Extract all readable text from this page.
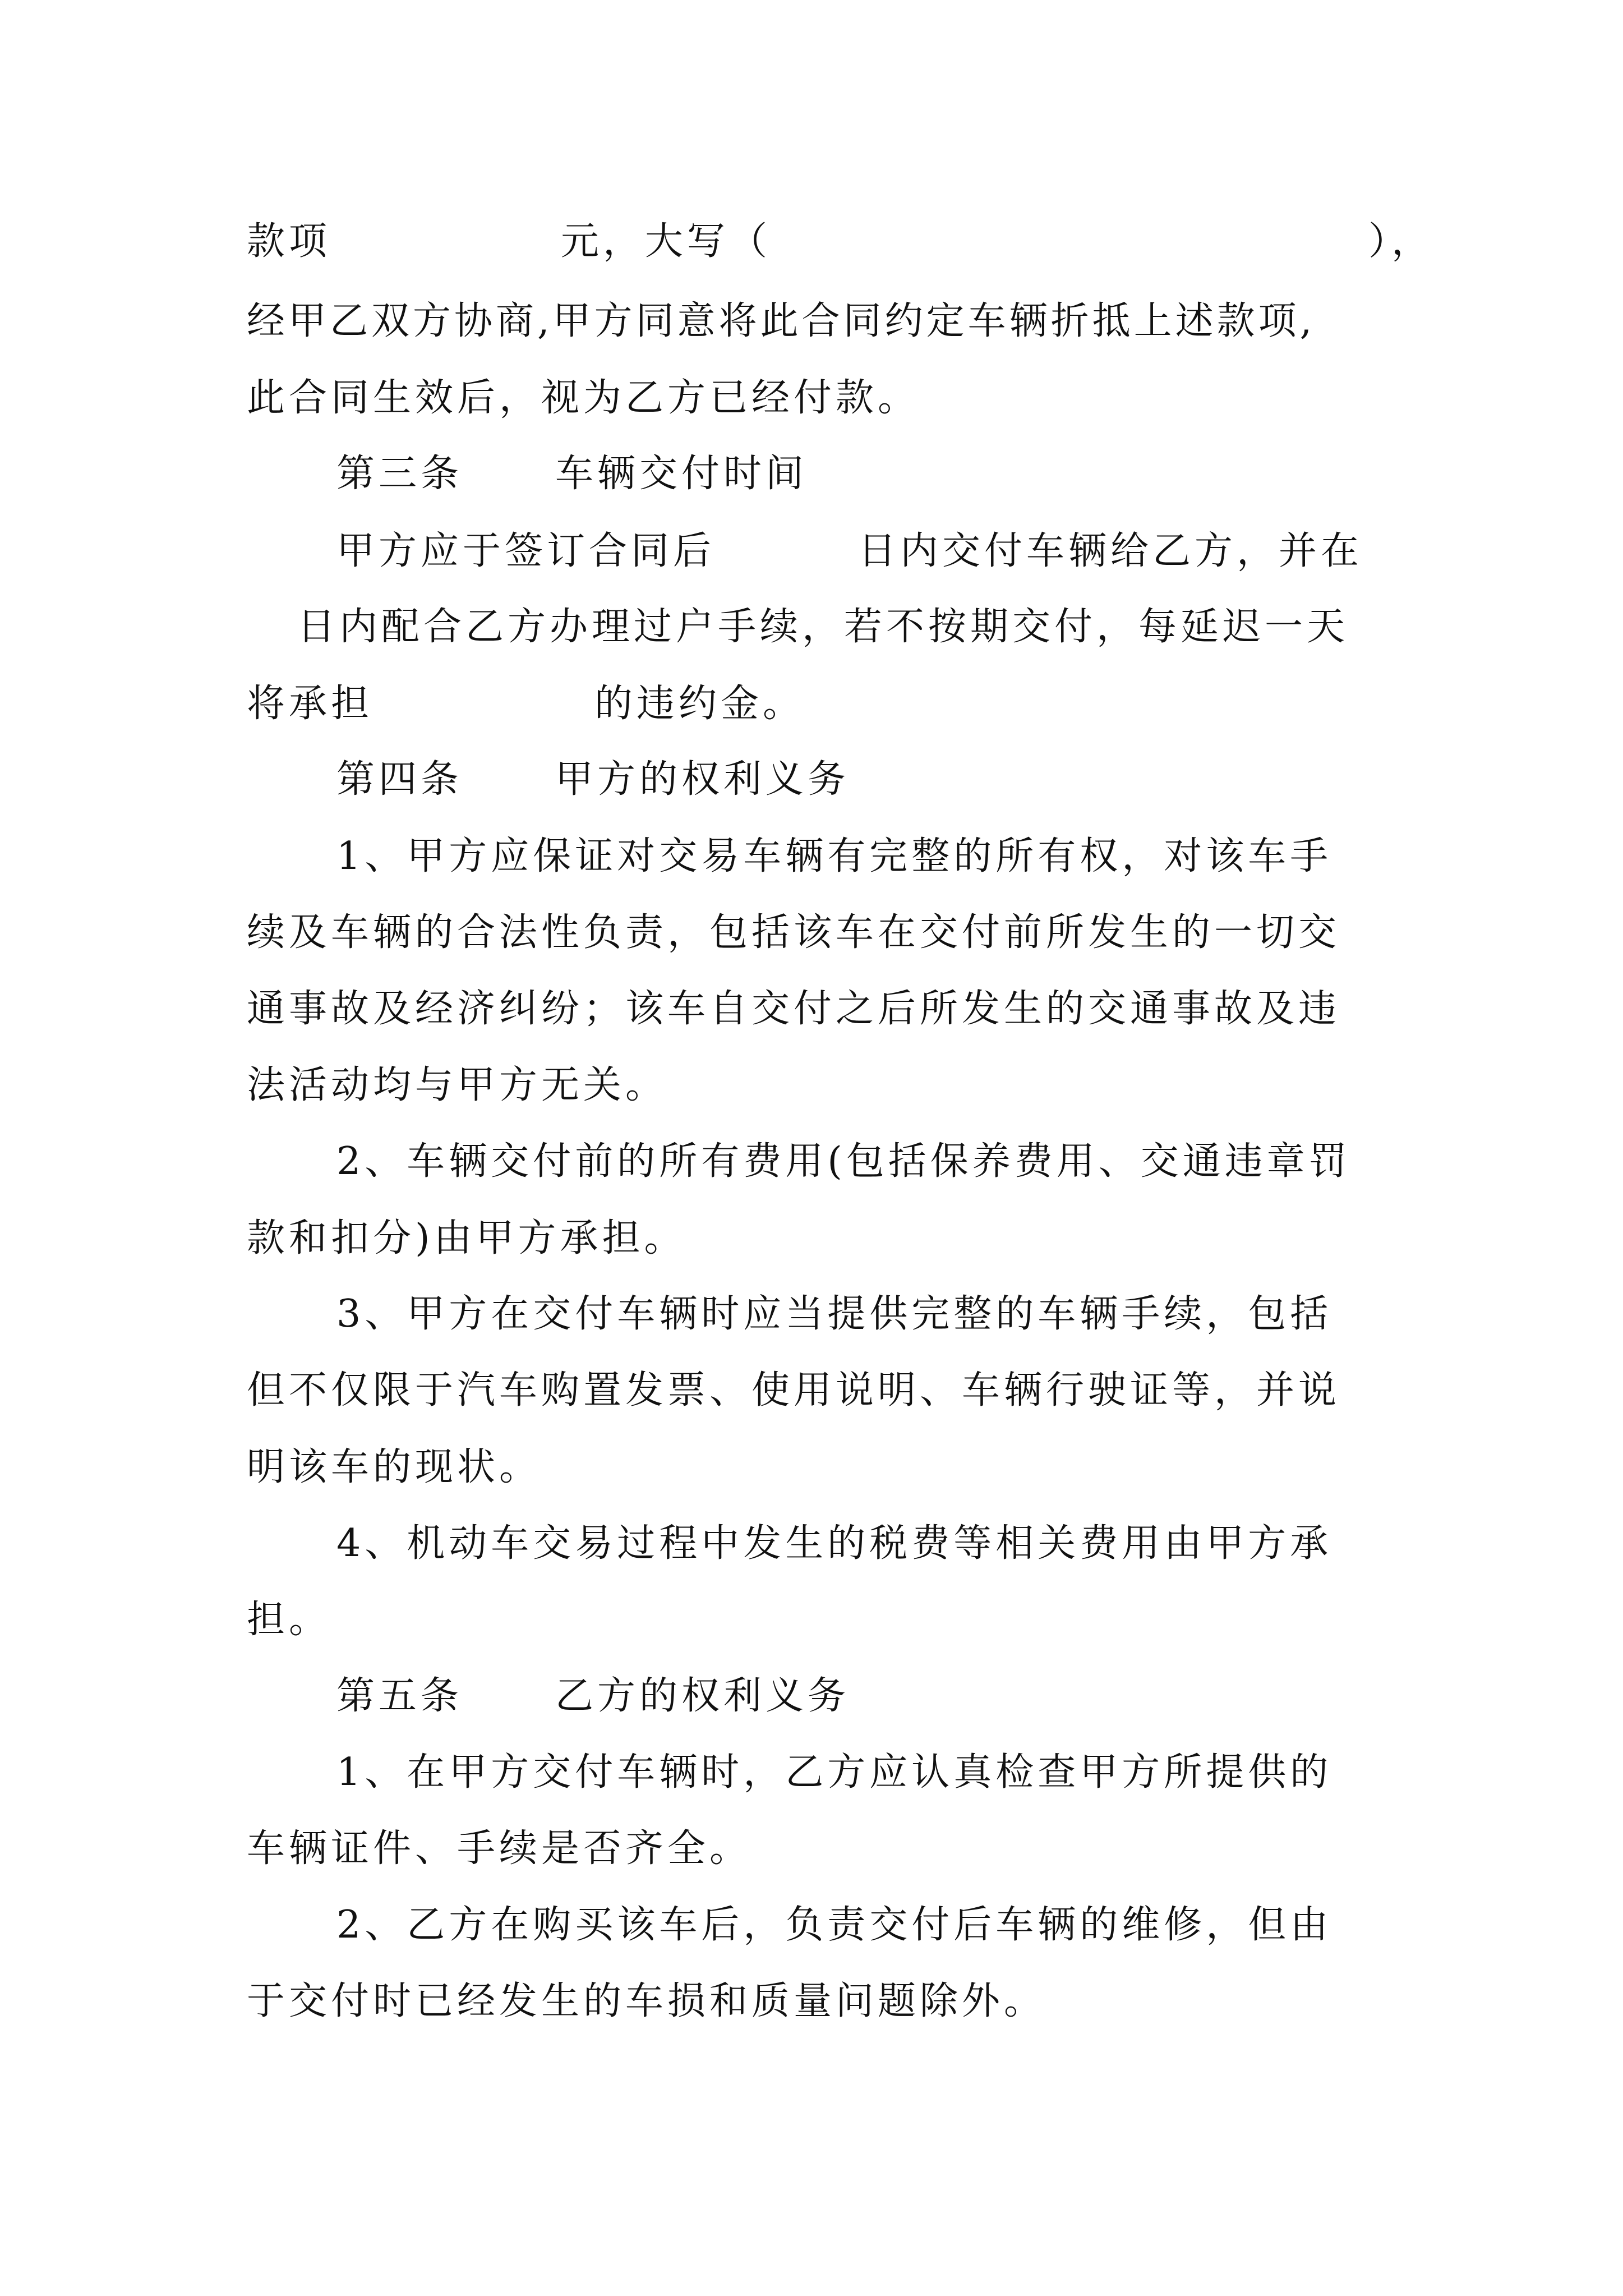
款项	元，大写（	），
经甲乙双方协商,甲方同意将此合同约定车辆折抵上述款项,
此合同生效后，视为乙方已经付款。
第三条 车辆交付时间
甲方应于签订合同后	日内交付车辆给乙方，并在
日内配合乙方办理过户手续，若不按期交付，每延迟一天
将承担	的违约金。
第四条 甲方的权利义务
1、甲方应保证对交易车辆有完整的所有权，对该车手
续及车辆的合法性负责，包括该车在交付前所发生的一切交
通事故及经济纠纷；该车自交付之后所发生的交通事故及违
法活动均与甲方无关。
2、车辆交付前的所有费用(包括保养费用、交通违章罚
款和扣分)由甲方承担。
3、甲方在交付车辆时应当提供完整的车辆手续，包括
但不仅限于汽车购置发票、使用说明、车辆行驶证等，并说
明该车的现状。
4、机动车交易过程中发生的税费等相关费用由甲方承
担。
第五条 乙方的权利义务
1、在甲方交付车辆时，乙方应认真检查甲方所提供的
车辆证件、手续是否齐全。
2、乙方在购买该车后，负责交付后车辆的维修，但由
于交付时已经发生的车损和质量问题除外。
